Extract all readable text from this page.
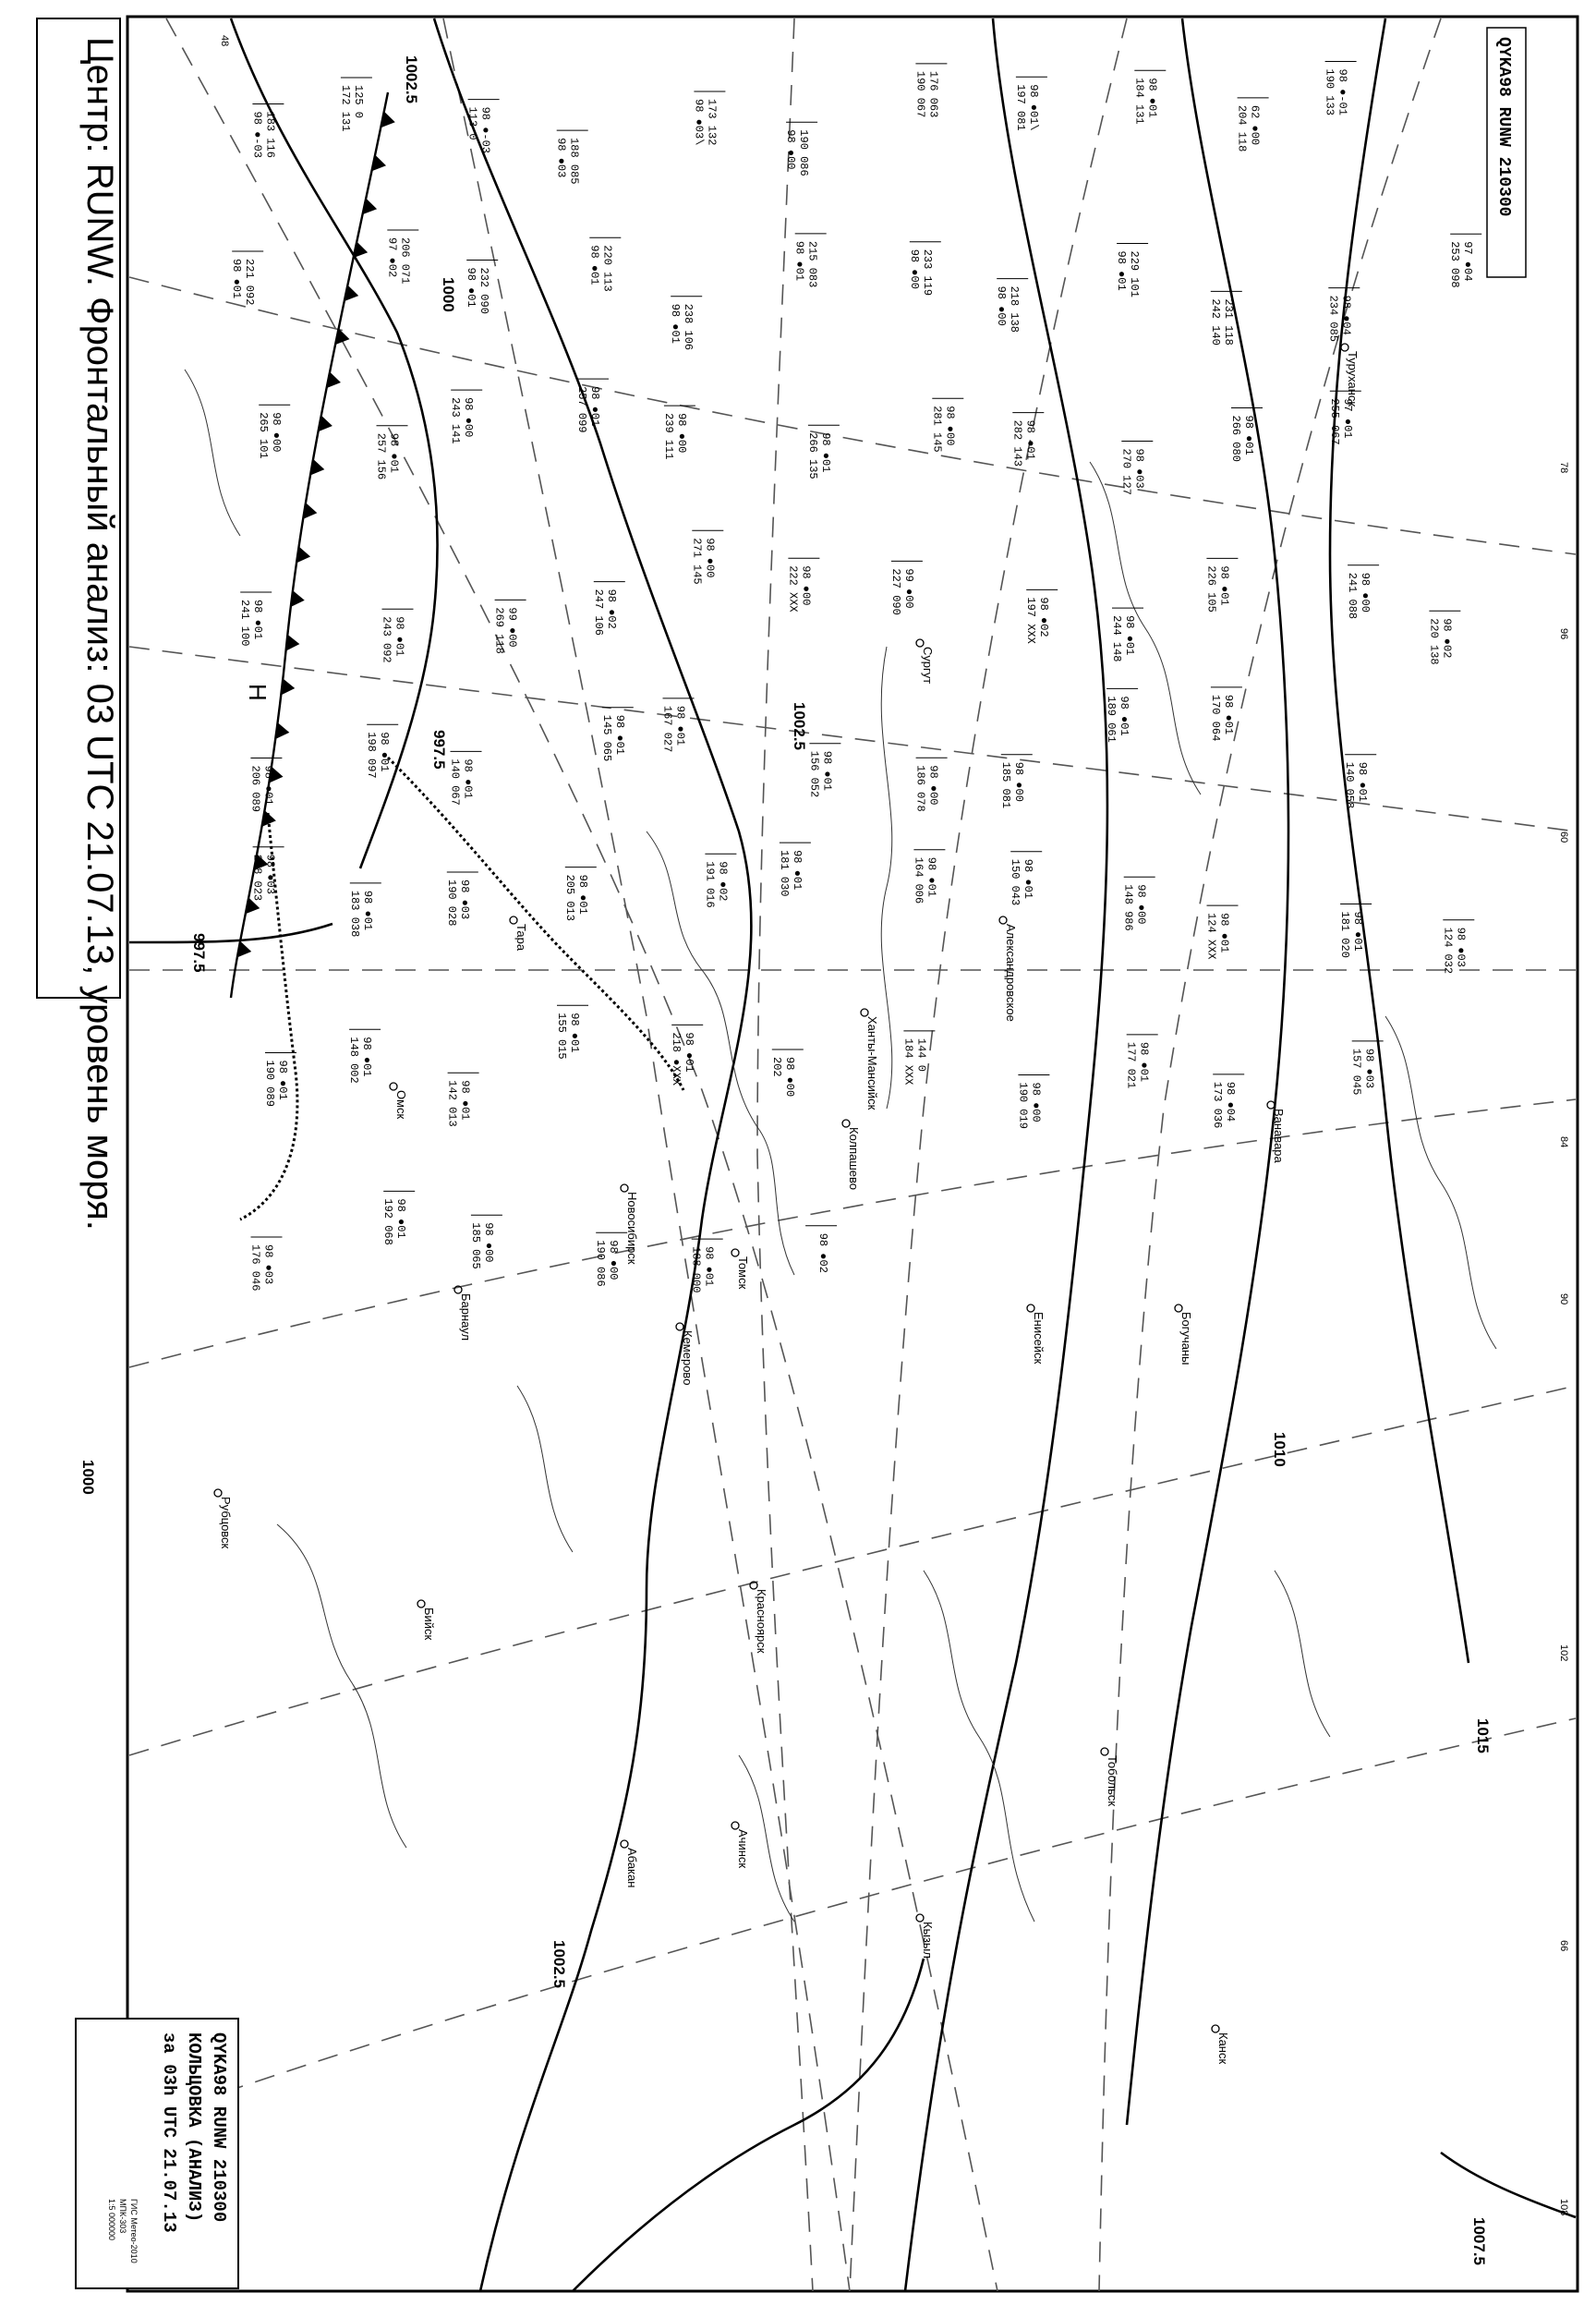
Центр: RUNW. Фронтальный анализ: 03 UTC 21.07.13, уровень моря.	QYKA98 RUNW 210300
QYKA98 RUNW 210300
КОЛЬЦОВКА (АНАЛИЗ)
за 03h UTC 21.07.13
ГИС Метео-2010
МПК-303
1:5 000000
1002.5
1000
997.5
997.5
1002.5
1010
1015
1007.5
1002.5
1000
Томск
Новосибирск
Кемерово
Красноярск
Омск
Барнаул
Ханты-Мансийск
Колпашево
Александровское
Сургут
Тара
Енисейск	Богучаны
Ванавара
Туруханск
Кызыл
Абакан
Бийск
Рубцовск
Тобольск
Ачинск
Канск
96
90
84
78
102
48
108
66
60
183 116
98 ●-03
125 0
172 131	98 ●-03
113 0
188 085
98 ●03
173 132
98 ●03\
190 086
98 ●00
176 063
190 067	98 ●01\
197 081	98 ●01
184 131
62 ●00
204 118
98 ●-01
190 133
221 092
98 ●01	206 071
97 ●02
232 090
98 ●01	220 113
98 ●01
238 106
98 ●01
215 083
98 ●01	233 119
98 ●00
218 138
98 ●00
229 101
98 ●01
231 118
242 140	98 ●04
234 085
97 ●04
253 098
98 ●00
265 101	98 ●01
257 156
98 ●00
243 141	98 ●01
257 099
98 ●00
239 111	98 ●01
266 135
98 ●00
281 145	98 ●01
282 143
98 ●03
270 127
98 ●01
266 080	97 ●01
255 067
98 ●01
241 100	98 ●01
243 092	99 ●00
269 118	98 ●02
247 106
98 ●00
271 145
98 ●00
222 XXX	99 ●00
227 090
98 ●02
197 XXX	98 ●01
244 148
98 ●01
226 105	98 ●00
241 088
98 ●02
220 138
98 ●01
206 089
98 ●01
198 097
98 ●01
140 067
98 ●01
145 065	98 ●01
167 027
98 ●01
156 052	98 ●00
186 078	98 ●00
185 081
98 ●01
189 061	98 ●01
170 064
98 ●01
140 058
98 ●03
208 023
98 ●01
183 038	98 ●03
190 028	98 ●01
205 013	98 ●02
191 016	98 ●01
181 030	98 ●01
164 006	98 ●01
150 043	98 ●00
148 986
98 ●01
124 XXX	98 ●01
181 020	98 ●03
124 032
98 ●01
190 089
98 ●01
148 002
98 ●01
142 013
98 ●01
155 015	98 ●01
218 ●XXX	98 ●00
202	144 0
184 XXX
98 ●00
190 019
98 ●01
177 021
98 ●04
173 036
98 ●03
157 045
98 ●03
176 046
98 ●01
192 068	98 ●00
185 065	98 ●00
190 086	98 ●01
188 000	98 ●02
Н
